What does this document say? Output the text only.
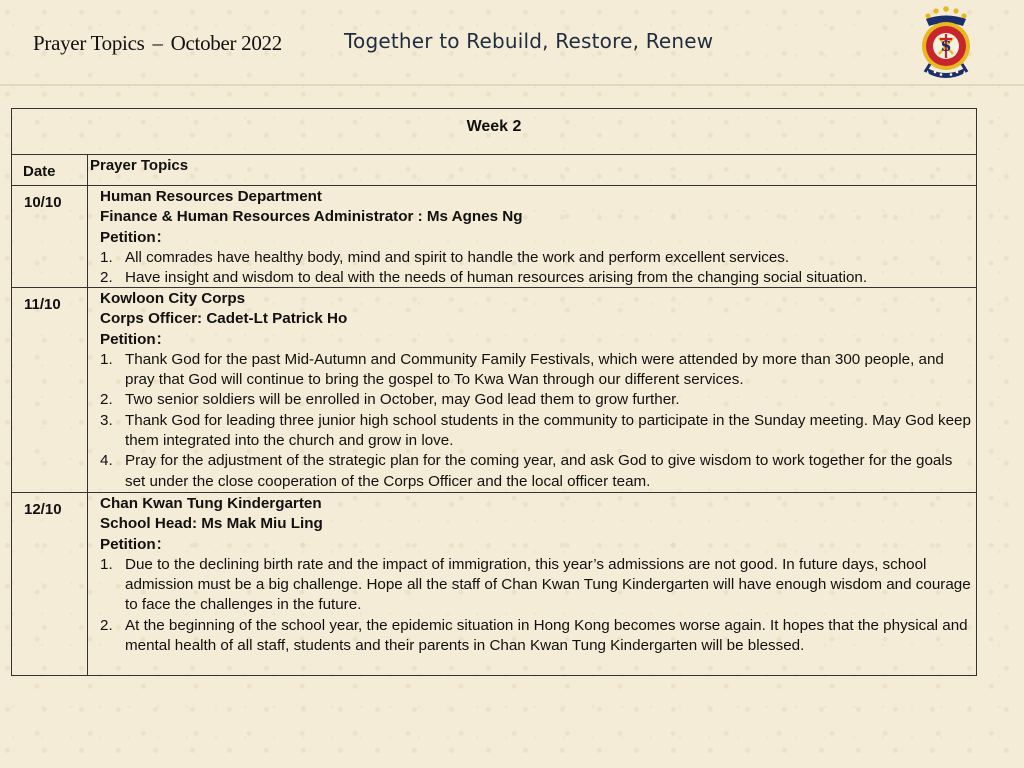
Prayer Topics – October 2022	Together to Rebuild, Restore, Renew	S
Week 2
Date Prayer Topics
10/10	Human Resources Department
Finance & Human Resources Administrator : Ms Agnes Ng
Petition：
1. All comrades have healthy body, mind and spirit to handle the work and perform excellent services.
2. Have insight and wisdom to deal with the needs of human resources arising from the changing social situation.
11/10	Kowloon City Corps
Corps Officer: Cadet-Lt Patrick Ho
Petition：
1. Thank God for the past Mid-Autumn and Community Family Festivals, which were attended by more than 300 people, and pray that God will continue to bring the gospel to To Kwa Wan through our different services.
2. Two senior soldiers will be enrolled in October, may God lead them to grow further.
3. Thank God for leading three junior high school students in the community to participate in the Sunday meeting. May God keep them integrated into the church and grow in love.
4. Pray for the adjustment of the strategic plan for the coming year, and ask God to give wisdom to work together for the goals set under the close cooperation of the Corps Officer and the local officer team.
12/10	Chan Kwan Tung Kindergarten
School Head: Ms Mak Miu Ling
Petition：
1. Due to the declining birth rate and the impact of immigration, this year’s admissions are not good. In future days, school admission must be a big challenge. Hope all the staff of Chan Kwan Tung Kindergarten will have enough wisdom and courage to face the challenges in the future.
2. At the beginning of the school year, the epidemic situation in Hong Kong becomes worse again. It hopes that the physical and mental health of all staff, students and their parents in Chan Kwan Tung Kindergarten will be blessed.
